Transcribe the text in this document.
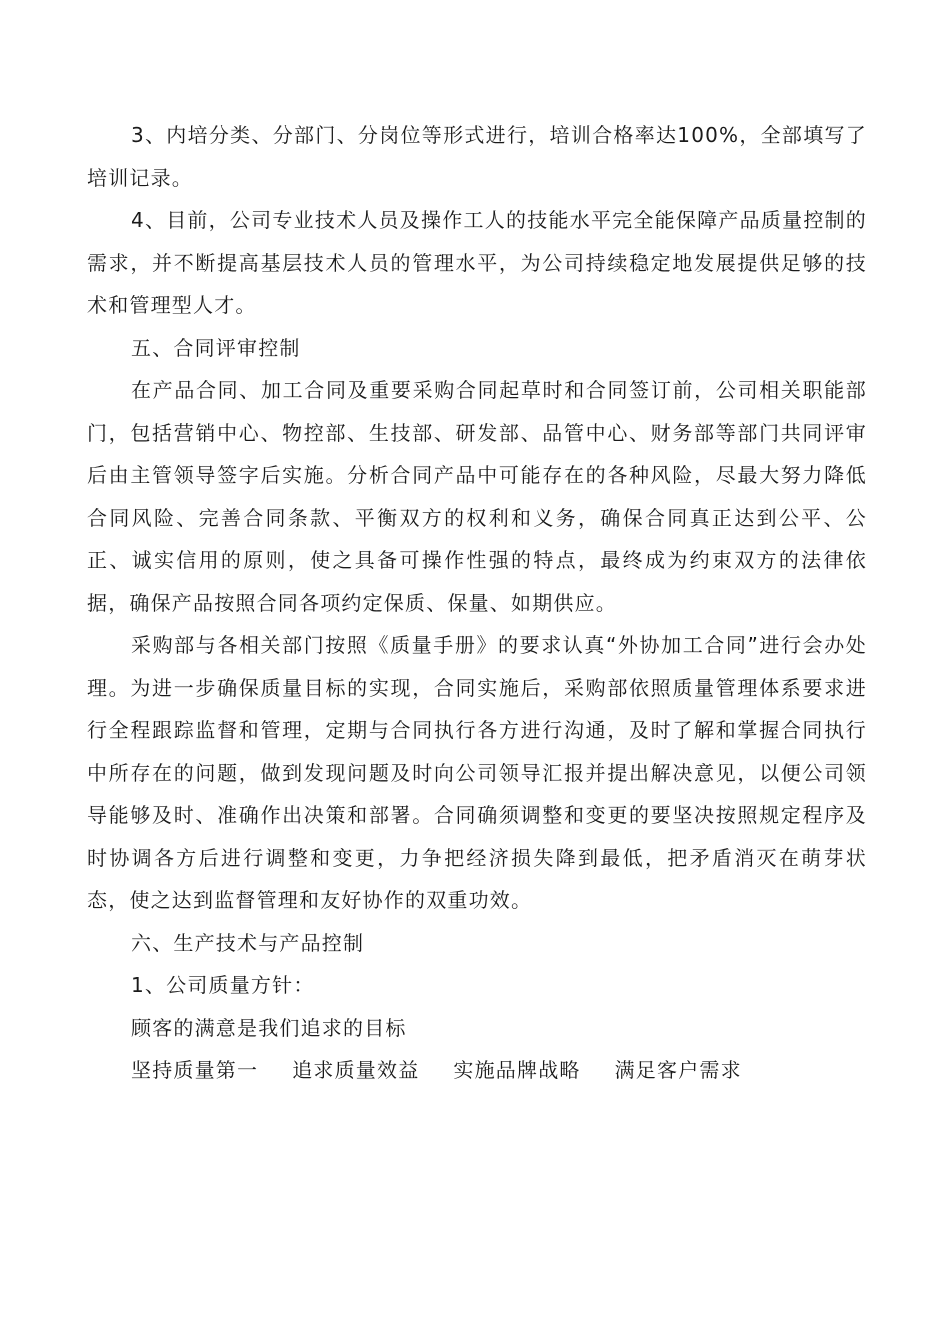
3、内培分类、分部门、分岗位等形式进行，培训合格率达100%，全部填写了培训记录。

4、目前，公司专业技术人员及操作工人的技能水平完全能保障产品质量控制的需求，并不断提高基层技术人员的管理水平，为公司持续稳定地发展提供足够的技术和管理型人才。

五、合同评审控制

在产品合同、加工合同及重要采购合同起草时和合同签订前，公司相关职能部门，包括营销中心、物控部、生技部、研发部、品管中心、财务部等部门共同评审后由主管领导签字后实施。分析合同产品中可能存在的各种风险，尽最大努力降低合同风险、完善合同条款、平衡双方的权利和义务，确保合同真正达到公平、公正、诚实信用的原则，使之具备可操作性强的特点，最终成为约束双方的法律依据，确保产品按照合同各项约定保质、保量、如期供应。

采购部与各相关部门按照《质量手册》的要求认真“外协加工合同”进行会办处理。为进一步确保质量目标的实现，合同实施后，采购部依照质量管理体系要求进行全程跟踪监督和管理，定期与合同执行各方进行沟通，及时了解和掌握合同执行中所存在的问题，做到发现问题及时向公司领导汇报并提出解决意见，以便公司领导能够及时、准确作出决策和部署。合同确须调整和变更的要坚决按照规定程序及时协调各方后进行调整和变更，力争把经济损失降到最低，把矛盾消灭在萌芽状态，使之达到监督管理和友好协作的双重功效。

六、生产技术与产品控制

1、公司质量方针：

顾客的满意是我们追求的目标

坚持质量第一 追求质量效益 实施品牌战略 满足客户需求
